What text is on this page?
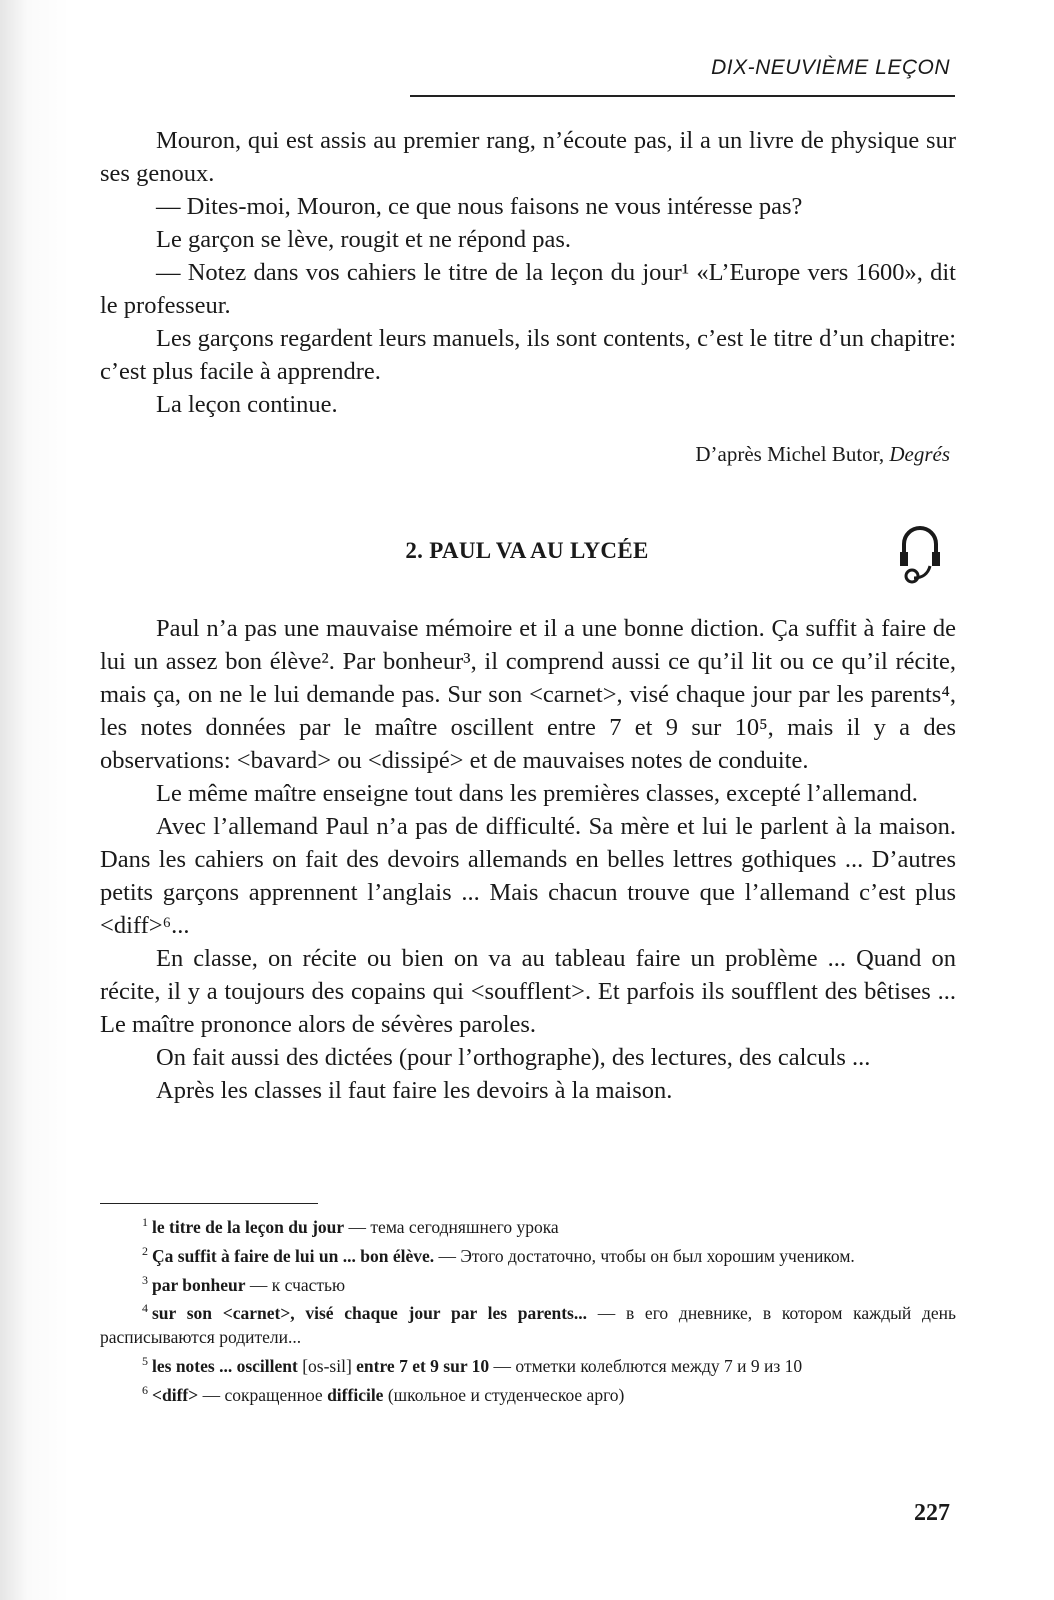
DIX-NEUVIÈME LEÇON

Mouron, qui est assis au premier rang, n’écoute pas, il a un livre de physique sur ses genoux.

— Dites-moi, Mouron, ce que nous faisons ne vous intéresse pas?

Le garçon se lève, rougit et ne répond pas.

— Notez dans vos cahiers le titre de la leçon du jour¹ «L’Europe vers 1600», dit le professeur.

Les garçons regardent leurs manuels, ils sont contents, c’est le titre d’un chapitre: c’est plus facile à apprendre.

La leçon continue.

D’après Michel Butor, Degrés
2. PAUL VA AU LYCÉE

Paul n’a pas une mauvaise mémoire et il a une bonne diction. Ça suffit à faire de lui un assez bon élève². Par bonheur³, il comprend aussi ce qu’il lit ou ce qu’il récite, mais ça, on ne le lui demande pas. Sur son <carnet>, visé chaque jour par les parents⁴, les notes données par le maître oscillent entre 7 et 9 sur 10⁵, mais il y a des observations: <bavard> ou <dissipé> et de mauvaises notes de conduite.

Le même maître enseigne tout dans les premières classes, excepté l’allemand.

Avec l’allemand Paul n’a pas de difficulté. Sa mère et lui le parlent à la maison. Dans les cahiers on fait des devoirs allemands en belles lettres gothiques ... D’autres petits garçons apprennent l’anglais ... Mais chacun trouve que l’allemand c’est plus <diff>⁶...

En classe, on récite ou bien on va au tableau faire un problème ... Quand on récite, il y a toujours des copains qui <soufflent>. Et parfois ils soufflent des bêtises ... Le maître prononce alors de sévères paroles.

On fait aussi des dictées (pour l’orthographe), des lectures, des calculs ...

Après les classes il faut faire les devoirs à la maison.

$^1$ le titre de la leçon du jour — тема сегодняшнего урока

$^2$ Ça suffit à faire de lui un ... bon élève. — Этого достаточно, чтобы он был хорошим учеником.

$^3$ par bonheur — к счастью

$^4$ sur son <carnet>, visé chaque jour par les parents... — в его дневнике, в котором каждый день расписываются родители...

$^5$ les notes ... oscillent [os-sil] entre 7 et 9 sur 10 — отметки колеблются между 7 и 9 из 10

$^6$ <diff> — сокращенное difficile (школьное и студенческое арго)

227
